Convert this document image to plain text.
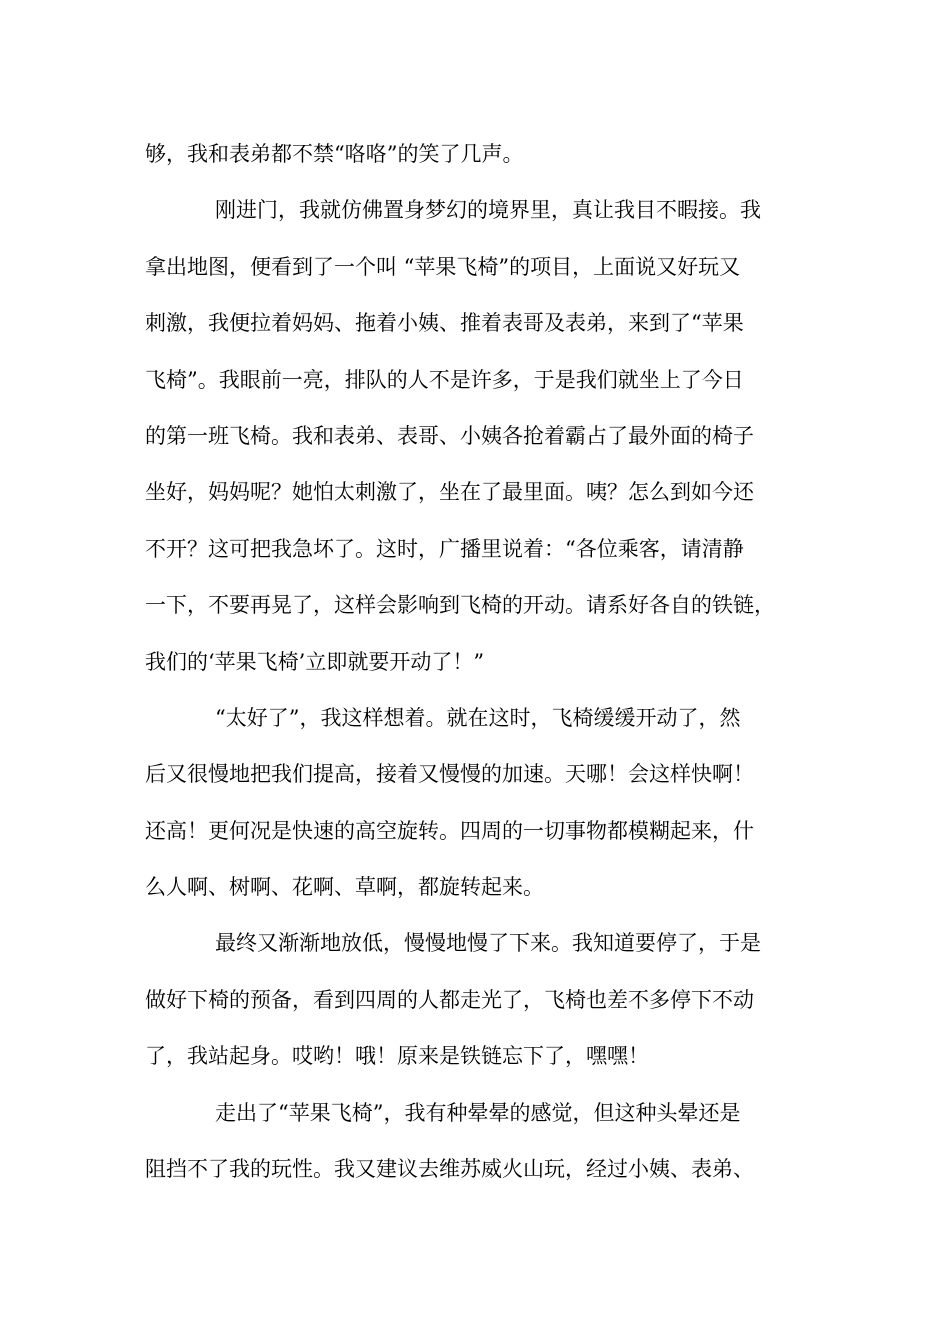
够，我和表弟都不禁“咯咯”的笑了几声。
刚进门，我就仿佛置身梦幻的境界里，真让我目不暇接。我
拿出地图，便看到了一个叫 “苹果飞椅”的项目，上面说又好玩又
刺激，我便拉着妈妈、拖着小姨、推着表哥及表弟，来到了“苹果
飞椅”。我眼前一亮，排队的人不是许多，于是我们就坐上了今日
的第一班飞椅。我和表弟、表哥、小姨各抢着霸占了最外面的椅子
坐好，妈妈呢？她怕太刺激了，坐在了最里面。咦？怎么到如今还
不开？这可把我急坏了。这时，广播里说着：“各位乘客，请清静
一下，不要再晃了，这样会影响到飞椅的开动。请系好各自的铁链，
我们的‘苹果飞椅’立即就要开动了！”
“太好了”，我这样想着。就在这时，飞椅缓缓开动了，然
后又很慢地把我们提高，接着又慢慢的加速。天哪！会这样快啊！
还高！更何况是快速的高空旋转。四周的一切事物都模糊起来，什
么人啊、树啊、花啊、草啊，都旋转起来。
最终又渐渐地放低，慢慢地慢了下来。我知道要停了，于是
做好下椅的预备，看到四周的人都走光了，飞椅也差不多停下不动
了，我站起身。哎哟！哦！原来是铁链忘下了，嘿嘿！
走出了“苹果飞椅”，我有种晕晕的感觉，但这种头晕还是
阻挡不了我的玩性。我又建议去维苏威火山玩，经过小姨、表弟、
